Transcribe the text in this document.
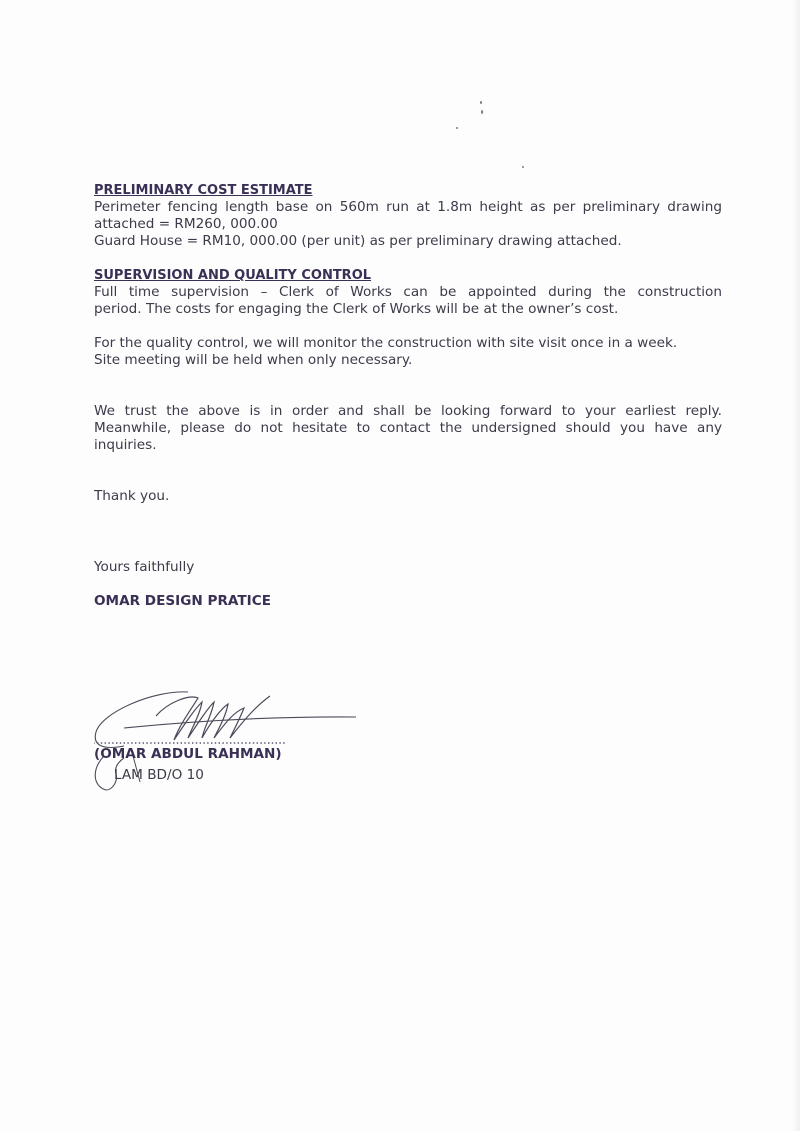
PRELIMINARY COST ESTIMATE

Perimeter fencing length base on 560m run at 1.8m height as per preliminary drawing
attached = RM260, 000.00
Guard House = RM10, 000.00 (per unit) as per preliminary drawing attached.

SUPERVISION AND QUALITY CONTROL

Full time supervision – Clerk of Works can be appointed during the construction
period. The costs for engaging the Clerk of Works will be at the owner’s cost.

For the quality control, we will monitor the construction with site visit once in a week.
Site meeting will be held when only necessary.

We trust the above is in order and shall be looking forward to your earliest reply.
Meanwhile, please do not hesitate to contact the undersigned should you have any
inquiries.

Thank you.

Yours faithfully

OMAR DESIGN PRATICE

(OMAR ABDUL RAHMAN)
LAM BD/O 10
